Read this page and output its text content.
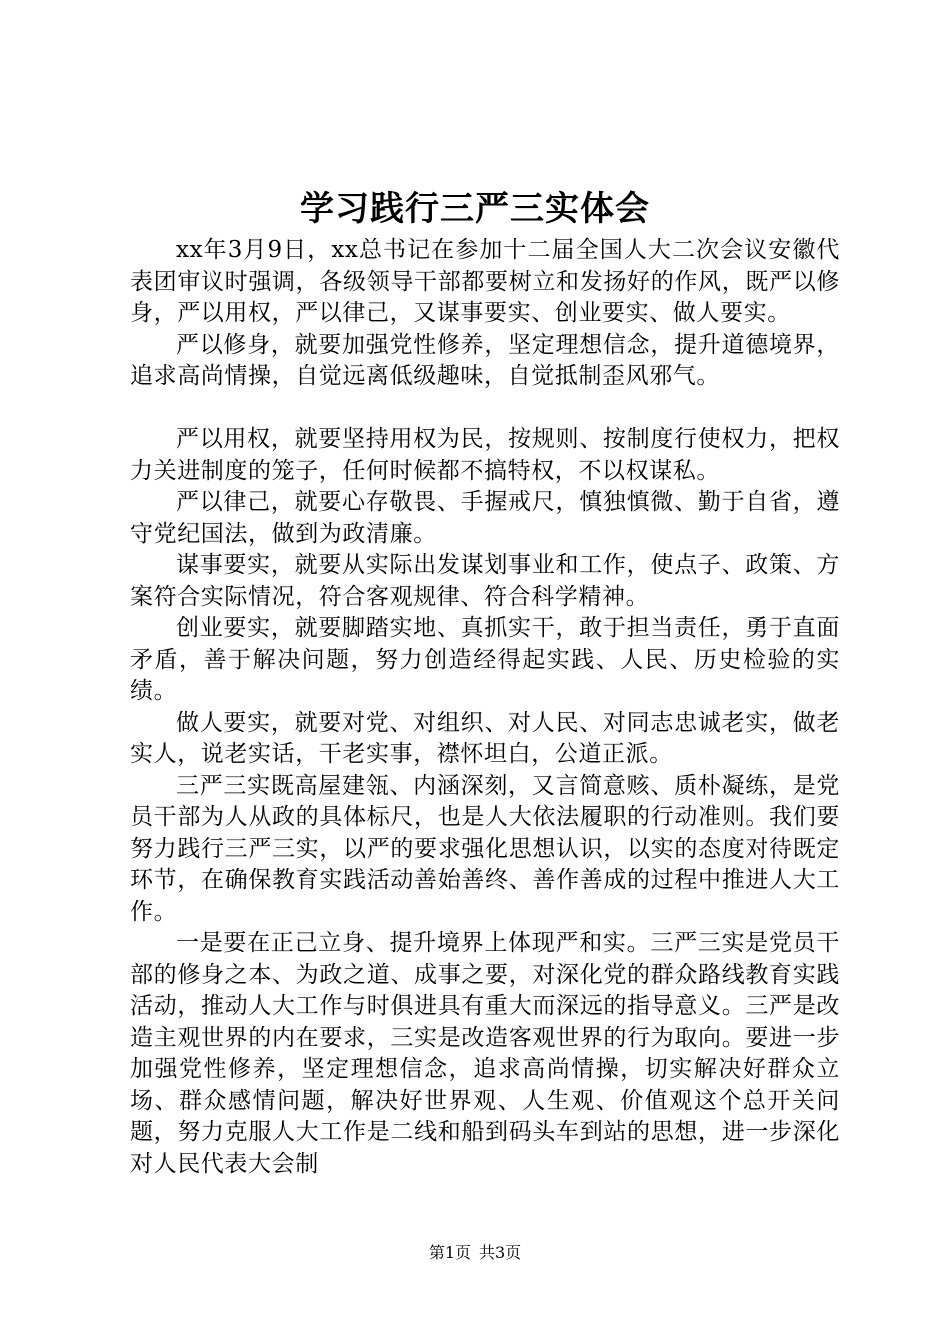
学习践行三严三实体会

xx年3月9日，xx总书记在参加十二届全国人大二次会议安徽代表团审议时强调，各级领导干部都要树立和发扬好的作风，既严以修身，严以用权，严以律己，又谋事要实、创业要实、做人要实。

严以修身，就要加强党性修养，坚定理想信念，提升道德境界，追求高尚情操，自觉远离低级趣味，自觉抵制歪风邪气。

严以用权，就要坚持用权为民，按规则、按制度行使权力，把权力关进制度的笼子，任何时候都不搞特权，不以权谋私。

严以律己，就要心存敬畏、手握戒尺，慎独慎微、勤于自省，遵守党纪国法，做到为政清廉。

谋事要实，就要从实际出发谋划事业和工作，使点子、政策、方案符合实际情况，符合客观规律、符合科学精神。

创业要实，就要脚踏实地、真抓实干，敢于担当责任，勇于直面矛盾，善于解决问题，努力创造经得起实践、人民、历史检验的实绩。

做人要实，就要对党、对组织、对人民、对同志忠诚老实，做老实人，说老实话，干老实事，襟怀坦白，公道正派。

三严三实既高屋建瓴、内涵深刻，又言简意赅、质朴凝练，是党员干部为人从政的具体标尺，也是人大依法履职的行动准则。我们要努力践行三严三实，以严的要求强化思想认识，以实的态度对待既定环节，在确保教育实践活动善始善终、善作善成的过程中推进人大工作。

一是要在正己立身、提升境界上体现严和实。三严三实是党员干部的修身之本、为政之道、成事之要，对深化党的群众路线教育实践活动，推动人大工作与时俱进具有重大而深远的指导意义。三严是改造主观世界的内在要求，三实是改造客观世界的行为取向。要进一步加强党性修养，坚定理想信念，追求高尚情操，切实解决好群众立场、群众感情问题，解决好世界观、人生观、价值观这个总开关问题，努力克服人大工作是二线和船到码头车到站的思想，进一步深化对人民代表大会制

第1页 共3页
